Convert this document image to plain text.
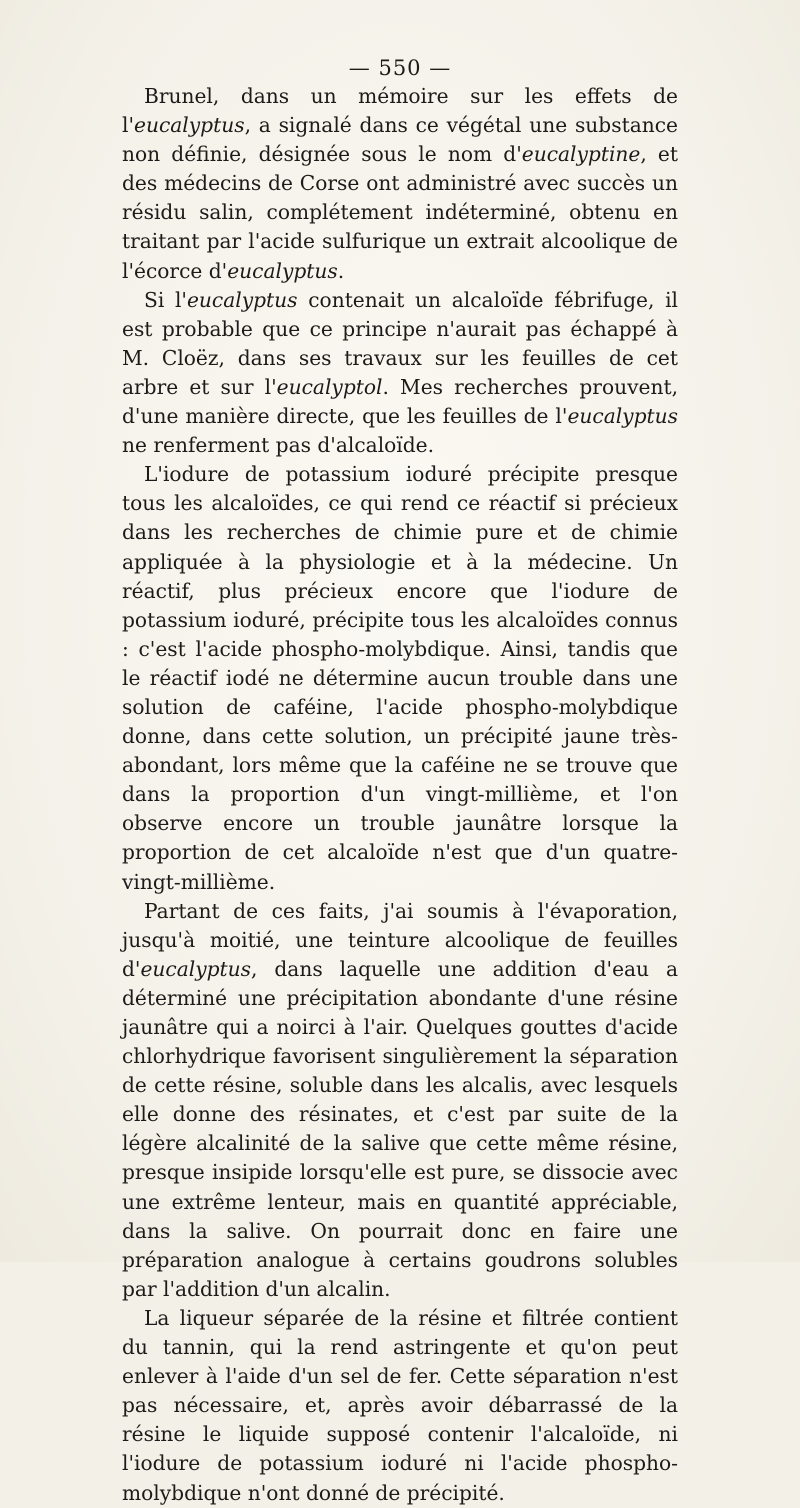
— 550 —

Brunel, dans un mémoire sur les effets de l'eucalyptus, a signalé dans ce végétal une substance non définie, désignée sous le nom d'eucalyptine, et des médecins de Corse ont administré avec succès un résidu salin, complétement indéterminé, obtenu en traitant par l'acide sulfurique un extrait alcoolique de l'écorce d'eucalyptus.

Si l'eucalyptus contenait un alcaloïde fébrifuge, il est probable que ce principe n'aurait pas échappé à M. Cloëz, dans ses travaux sur les feuilles de cet arbre et sur l'eucalyptol. Mes recherches prouvent, d'une manière directe, que les feuilles de l'eucalyptus ne renferment pas d'alcaloïde.

L'iodure de potassium ioduré précipite presque tous les alcaloïdes, ce qui rend ce réactif si précieux dans les recherches de chimie pure et de chimie appliquée à la physiologie et à la médecine. Un réactif, plus précieux encore que l'iodure de potassium ioduré, précipite tous les alcaloïdes connus : c'est l'acide phospho-molybdique. Ainsi, tandis que le réactif iodé ne détermine aucun trouble dans une solution de caféine, l'acide phospho-molybdique donne, dans cette solution, un précipité jaune très-abondant, lors même que la caféine ne se trouve que dans la proportion d'un vingt-millième, et l'on observe encore un trouble jaunâtre lorsque la proportion de cet alcaloïde n'est que d'un quatre-vingt-millième.

Partant de ces faits, j'ai soumis à l'évaporation, jusqu'à moitié, une teinture alcoolique de feuilles d'eucalyptus, dans laquelle une addition d'eau a déterminé une précipitation abondante d'une résine jaunâtre qui a noirci à l'air. Quelques gouttes d'acide chlorhydrique favorisent singulièrement la séparation de cette résine, soluble dans les alcalis, avec lesquels elle donne des résinates, et c'est par suite de la légère alcalinité de la salive que cette même résine, presque insipide lorsqu'elle est pure, se dissocie avec une extrême lenteur, mais en quantité appréciable, dans la salive. On pourrait donc en faire une préparation analogue à certains goudrons solubles par l'addition d'un alcalin.

La liqueur séparée de la résine et filtrée contient du tannin, qui la rend astringente et qu'on peut enlever à l'aide d'un sel de fer. Cette séparation n'est pas nécessaire, et, après avoir débarrassé de la résine le liquide supposé contenir l'alcaloïde, ni l'iodure de potassium ioduré ni l'acide phospho-molybdique n'ont donné de précipité.
